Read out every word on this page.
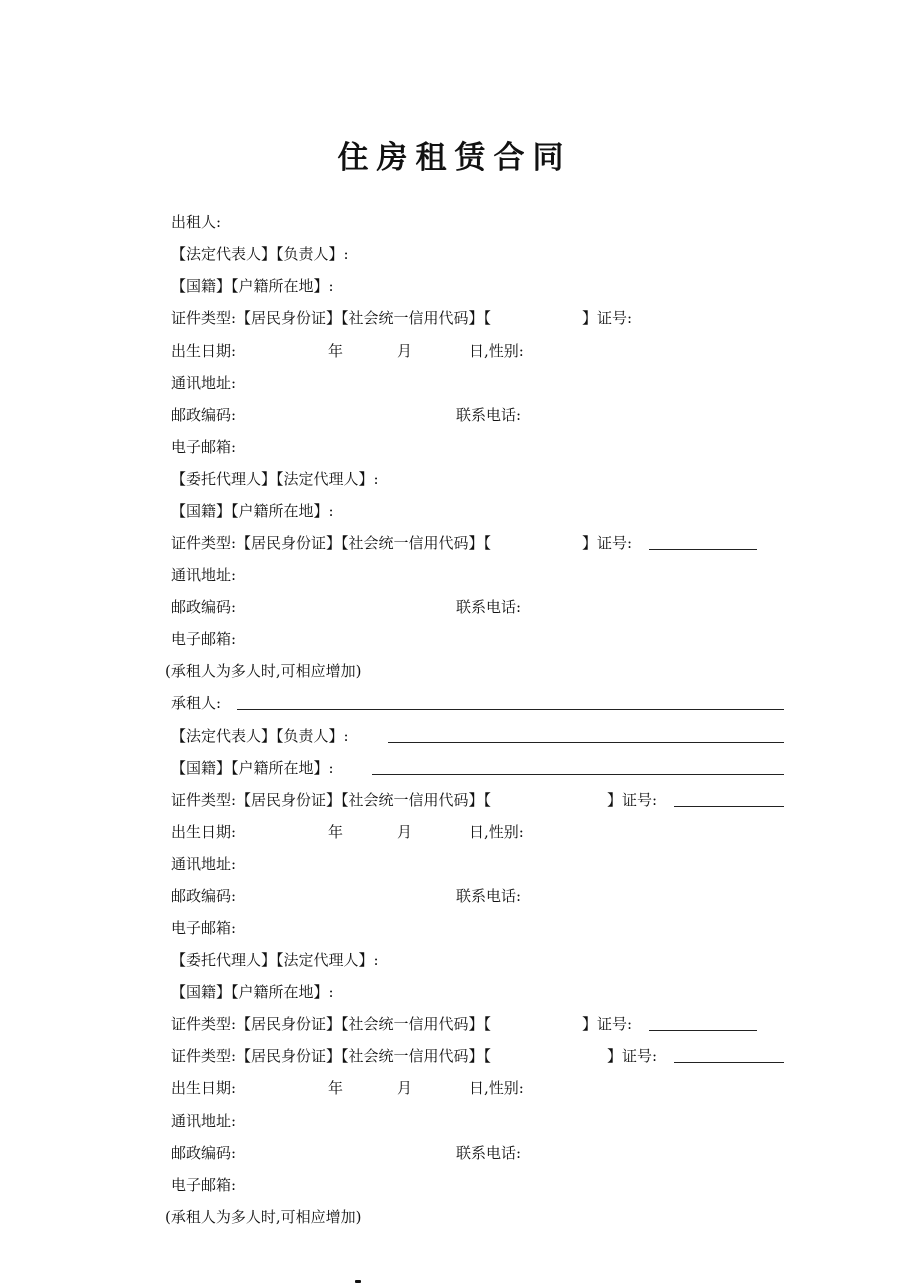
住房租赁合同
出租人:
【法定代表人】【负责人】:
【国籍】【户籍所在地】:
证件类型:【居民身份证】【社会统一信用代码】【	】证号:
出生日期:	年	月	日,性别:
通讯地址:
邮政编码:	联系电话:
电子邮箱:
【委托代理人】【法定代理人】:
【国籍】【户籍所在地】:
证件类型:【居民身份证】【社会统一信用代码】【	】证号:
通讯地址:
邮政编码:	联系电话:
电子邮箱:
(承租人为多人时,可相应增加)
承租人:
【法定代表人】【负责人】:
【国籍】【户籍所在地】:
证件类型:【居民身份证】【社会统一信用代码】【	】证号:
出生日期:	年	月	日,性别:
通讯地址:
邮政编码:	联系电话:
电子邮箱:
【委托代理人】【法定代理人】:
【国籍】【户籍所在地】:
证件类型:【居民身份证】【社会统一信用代码】【	】证号:
证件类型:【居民身份证】【社会统一信用代码】【	】证号:
出生日期:	年	月	日,性别:
通讯地址:
邮政编码:	联系电话:
电子邮箱:
(承租人为多人时,可相应增加)
